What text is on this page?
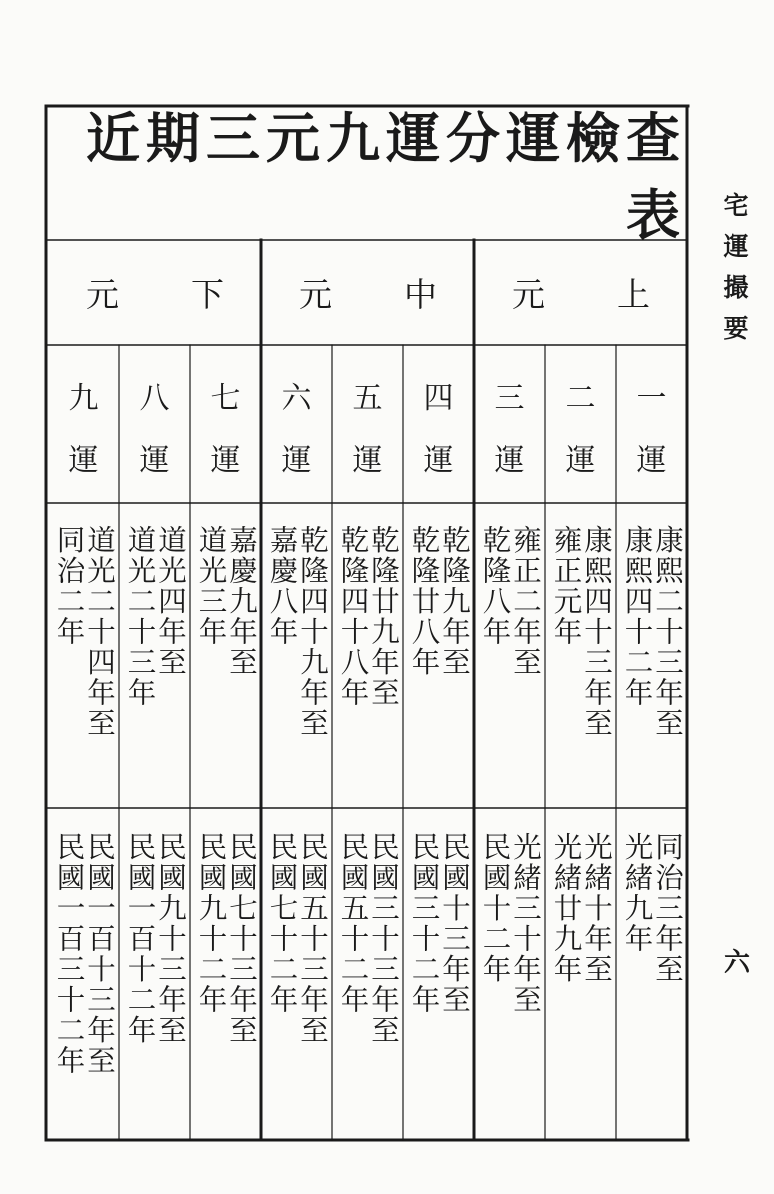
近期三元九運分運檢查表
上
元
中
元
下
元
一
運
二
運
三
運
四
運
五
運
六
運
七
運
八
運
九
運
康熙二十三年至
康熙四十二年
康熙四十三年至
雍正元年
雍正二年至
乾隆八年
乾隆九年至
乾隆廿八年
乾隆廿九年至
乾隆四十八年
乾隆四十九年至
嘉慶八年
嘉慶九年至
道光三年
道光四年至
道光二十三年
道光二十四年至
同治二年
同治三年至
光緒九年
光緒十年至
光緒廿九年
光緒三十年至
民國十二年
民國十三年至
民國三十二年
民國三十三年至
民國五十二年
民國五十三年至
民國七十二年
民國七十三年至
民國九十二年
民國九十三年至
民國一百十二年
民國一百十三年至
民國一百三十二年
宅運撮要
六
